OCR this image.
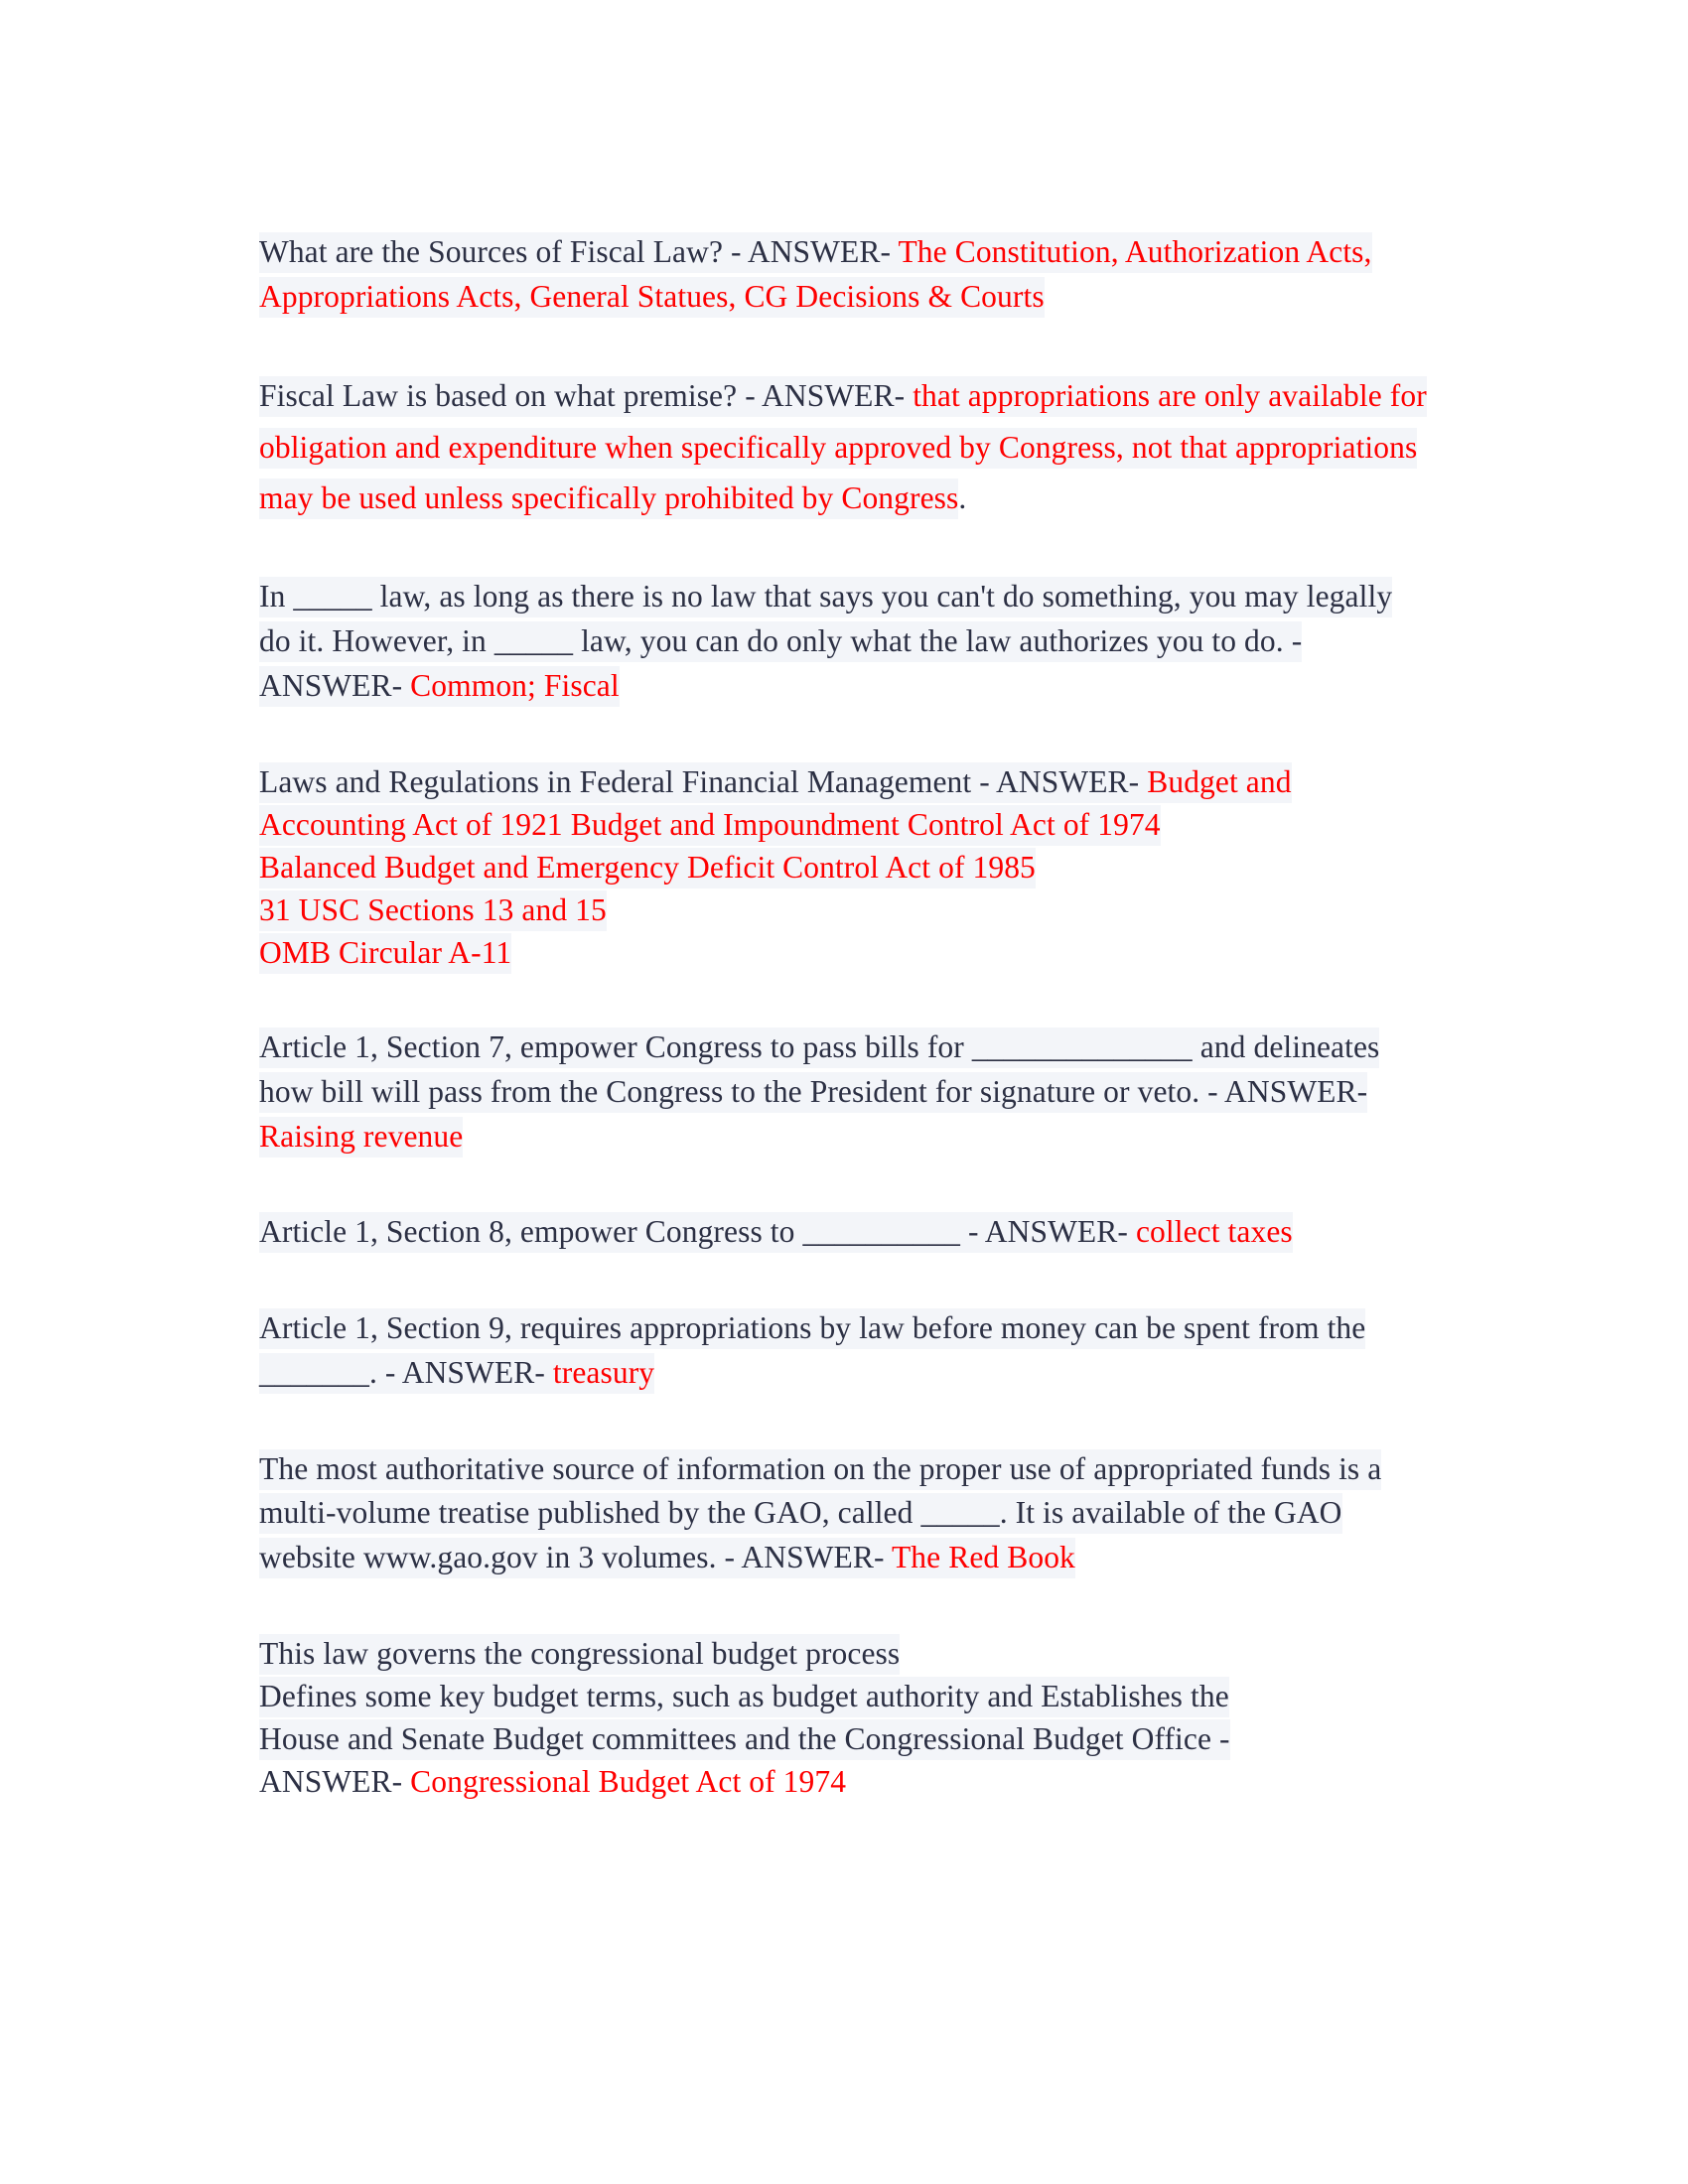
What are the Sources of Fiscal Law? - ANSWER- The Constitution, Authorization Acts, Appropriations Acts, General Statues, CG Decisions & Courts

Fiscal Law is based on what premise? - ANSWER- that appropriations are only available for obligation and expenditure when specifically approved by Congress, not that appropriations may be used unless specifically prohibited by Congress.

In _____ law, as long as there is no law that says you can't do something, you may legally do it. However, in _____ law, you can do only what the law authorizes you to do. - ANSWER- Common; Fiscal

Laws and Regulations in Federal Financial Management - ANSWER- Budget and Accounting Act of 1921 Budget and Impoundment Control Act of 1974
Balanced Budget and Emergency Deficit Control Act of 1985
31 USC Sections 13 and 15
OMB Circular A-11

Article 1, Section 7, empower Congress to pass bills for ______________ and delineates how bill will pass from the Congress to the President for signature or veto. - ANSWER- Raising revenue

Article 1, Section 8, empower Congress to __________ - ANSWER- collect taxes

Article 1, Section 9, requires appropriations by law before money can be spent from the _______. - ANSWER- treasury

The most authoritative source of information on the proper use of appropriated funds is a multi-volume treatise published by the GAO, called _____. It is available of the GAO website www.gao.gov in 3 volumes. - ANSWER- The Red Book

This law governs the congressional budget process
Defines some key budget terms, such as budget authority and Establishes the
House and Senate Budget committees and the Congressional Budget Office -
ANSWER- Congressional Budget Act of 1974
